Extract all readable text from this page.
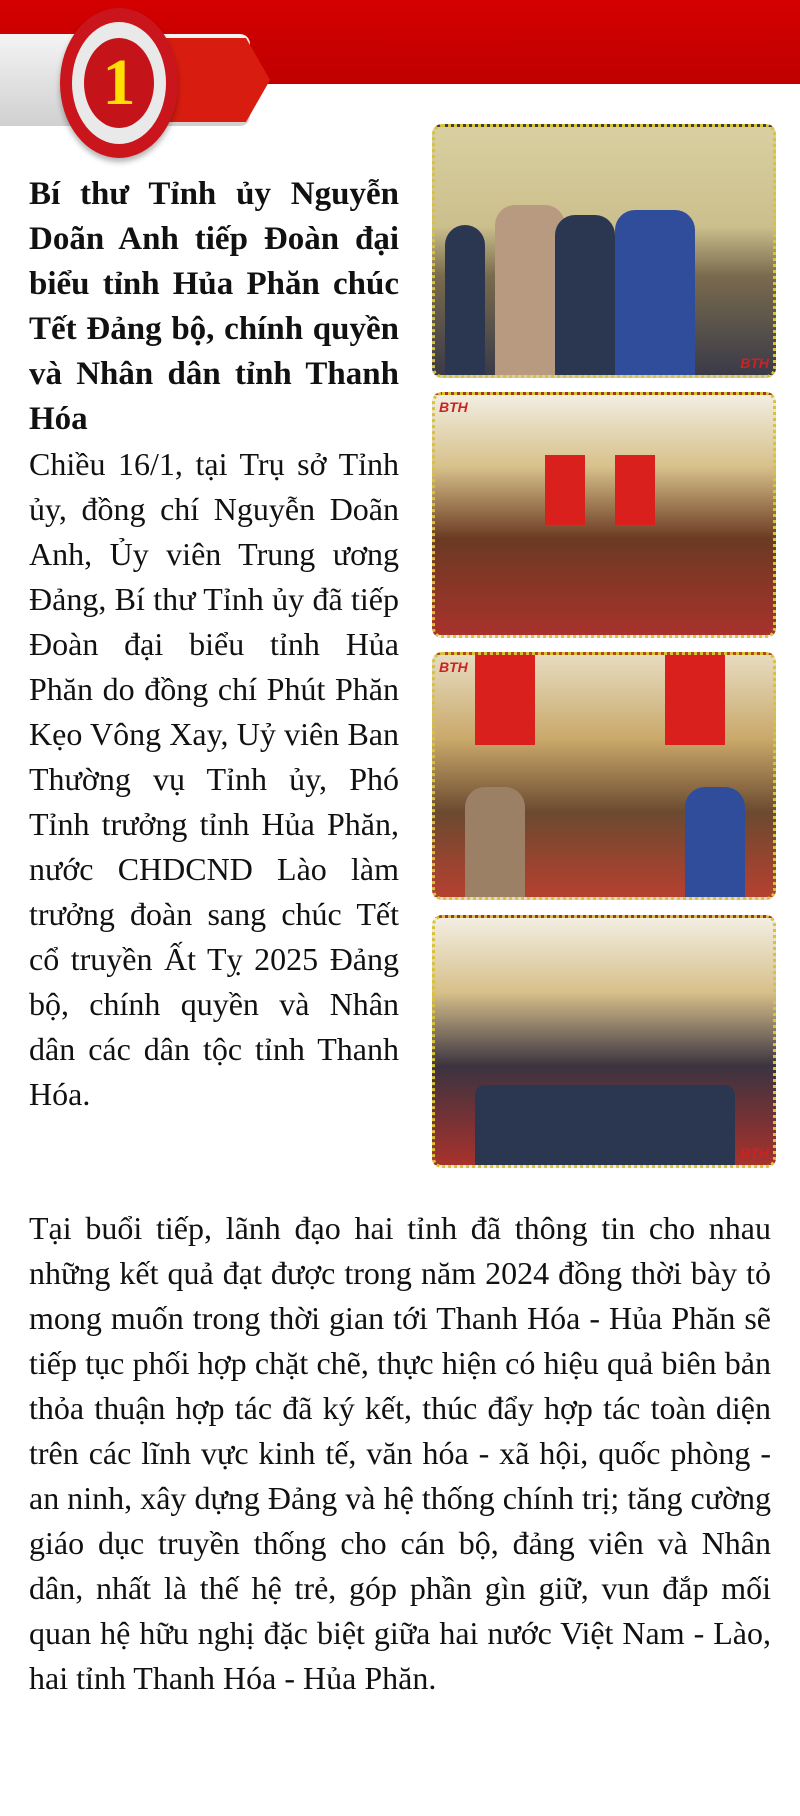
1

Bí thư Tỉnh ủy Nguyễn Doãn Anh tiếp Đoàn đại biểu tỉnh Hủa Phăn chúc Tết Đảng bộ, chính quyền và Nhân dân tỉnh Thanh Hóa

Chiều 16/1, tại Trụ sở Tỉnh ủy, đồng chí Nguyễn Doãn Anh, Ủy viên Trung ương Đảng, Bí thư Tỉnh ủy đã tiếp Đoàn đại biểu tỉnh Hủa Phăn do đồng chí Phút Phăn Kẹo Vông Xay, Uỷ viên Ban Thường vụ Tỉnh ủy, Phó Tỉnh trưởng tỉnh Hủa Phăn, nước CHDCND Lào làm trưởng đoàn sang chúc Tết cổ truyền Ất Tỵ 2025 Đảng bộ, chính quyền và Nhân dân các dân tộc tỉnh Thanh Hóa.

BTH
BTH
BTH
BTH

Tại buổi tiếp, lãnh đạo hai tỉnh đã thông tin cho nhau những kết quả đạt được trong năm 2024 đồng thời bày tỏ mong muốn trong thời gian tới Thanh Hóa - Hủa Phăn sẽ tiếp tục phối hợp chặt chẽ, thực hiện có hiệu quả biên bản thỏa thuận hợp tác đã ký kết, thúc đẩy hợp tác toàn diện trên các lĩnh vực kinh tế, văn hóa - xã hội, quốc phòng - an ninh, xây dựng Đảng và hệ thống chính trị; tăng cường giáo dục truyền thống cho cán bộ, đảng viên và Nhân dân, nhất là thế hệ trẻ, góp phần gìn giữ, vun đắp mối quan hệ hữu nghị đặc biệt giữa hai nước Việt Nam - Lào, hai tỉnh Thanh Hóa - Hủa Phăn.
